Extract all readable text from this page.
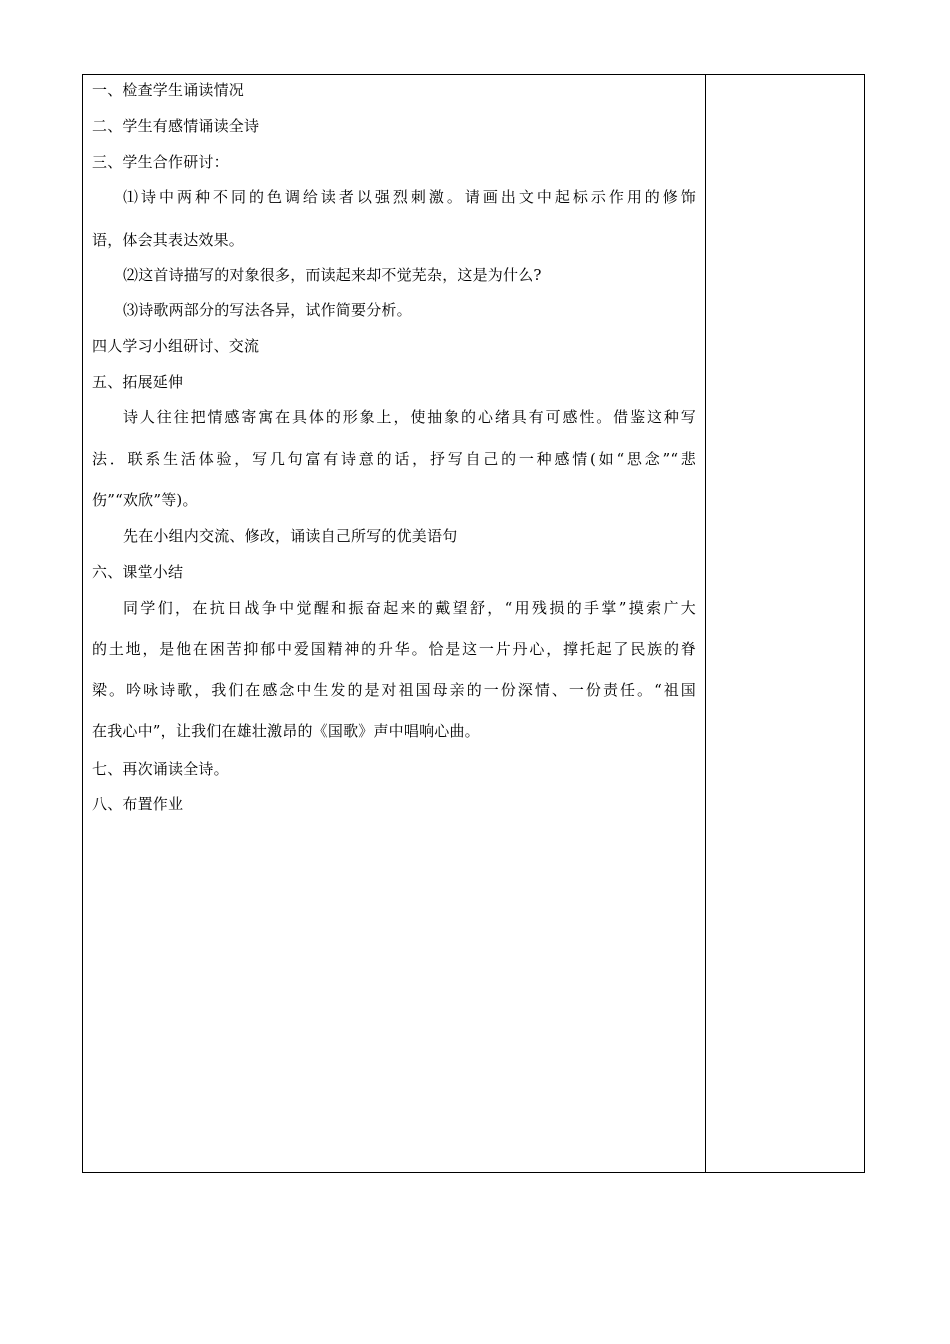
一、检查学生诵读情况
二、学生有感情诵读全诗
三、学生合作研讨：
⑴诗中两种不同的色调给读者以强烈刺激。请画出文中起标示作用的修饰
语，体会其表达效果。
⑵这首诗描写的对象很多，而读起来却不觉芜杂，这是为什么?
⑶诗歌两部分的写法各异，试作简要分析。
四人学习小组研讨、交流
五、拓展延伸
诗人往往把情感寄寓在具体的形象上，使抽象的心绪具有可感性。借鉴这种写
法．联系生活体验，写几句富有诗意的话，抒写自己的一种感情(如“思念”“悲
伤”“欢欣”等)。
先在小组内交流、修改，诵读自己所写的优美语句
六、课堂小结
同学们，在抗日战争中觉醒和振奋起来的戴望舒，“用残损的手掌”摸索广大
的土地，是他在困苦抑郁中爱国精神的升华。恰是这一片丹心，撑托起了民族的脊
梁。吟咏诗歌，我们在感念中生发的是对祖国母亲的一份深情、一份责任。“祖国
在我心中”，让我们在雄壮激昂的《国歌》声中唱响心曲。
七、再次诵读全诗。
八、布置作业
